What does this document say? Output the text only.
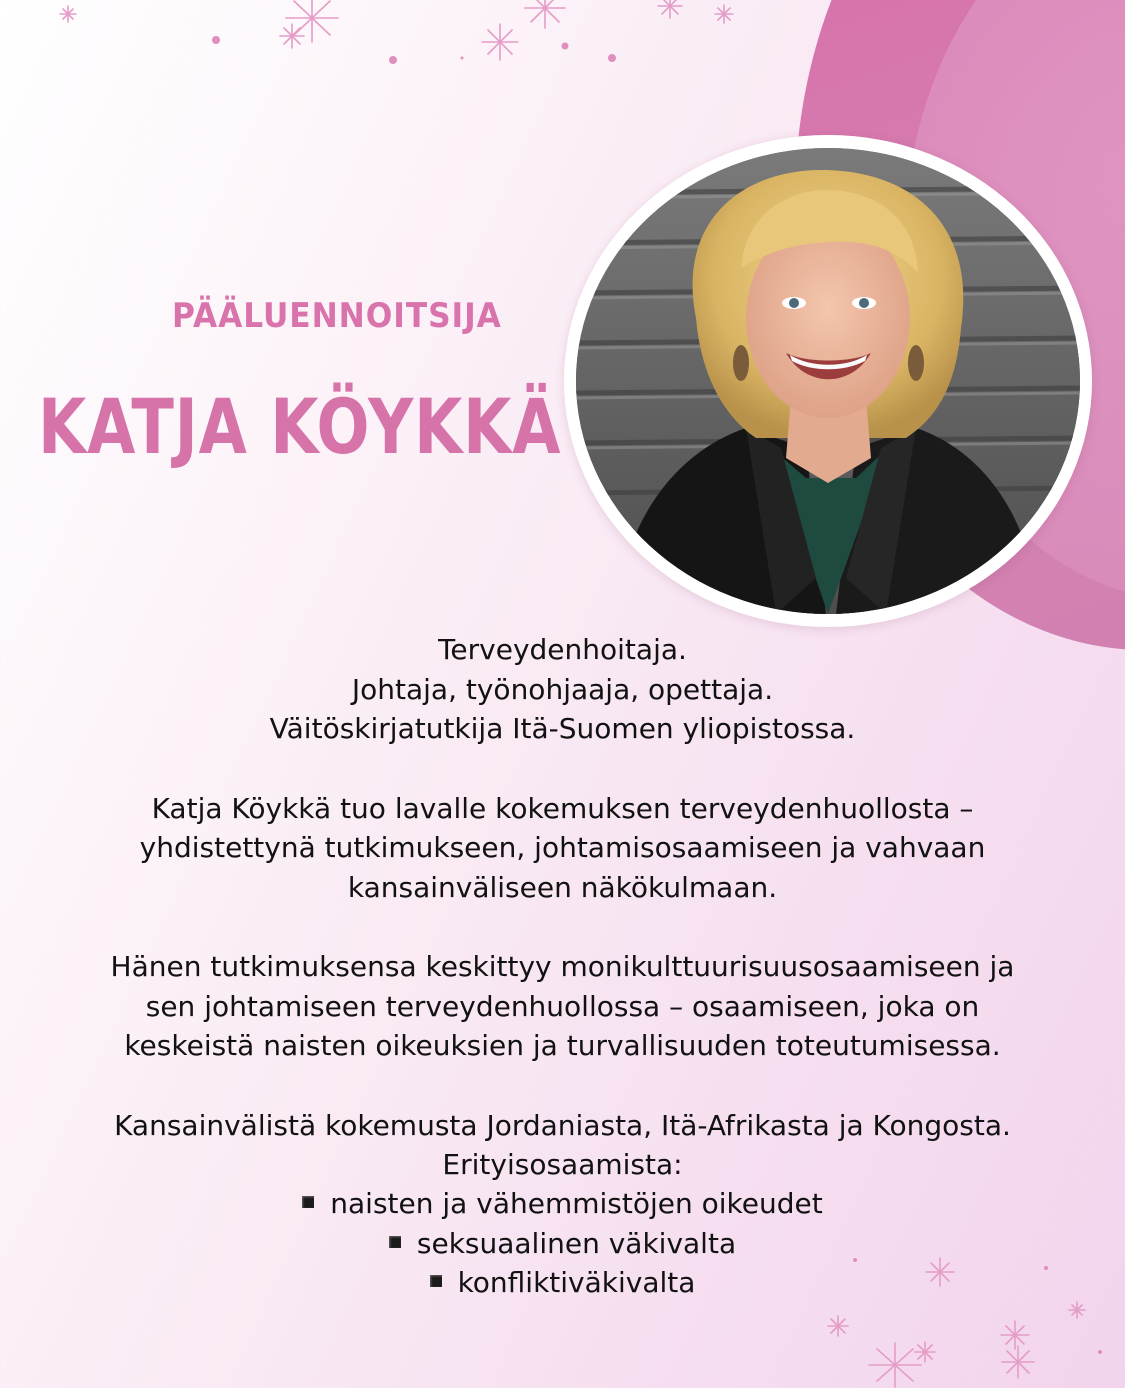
PÄÄLUENNOITSIJA
KATJA KÖYKKÄ
Terveydenhoitaja.
Johtaja, työnohjaaja, opettaja.
Väitöskirjatutkija Itä-Suomen yliopistossa.
Katja Köykkä tuo lavalle kokemuksen terveydenhuollosta –
yhdistettynä tutkimukseen, johtamisosaamiseen ja vahvaan
kansainväliseen näkökulmaan.
Hänen tutkimuksensa keskittyy monikulttuurisuusosaamiseen ja
sen johtamiseen terveydenhuollossa – osaamiseen, joka on
keskeistä naisten oikeuksien ja turvallisuuden toteutumisessa.
Kansainvälistä kokemusta Jordaniasta, Itä-Afrikasta ja Kongosta.
Erityisosaamista:
naisten ja vähemmistöjen oikeudet
seksuaalinen väkivalta
konfliktiväkivalta
